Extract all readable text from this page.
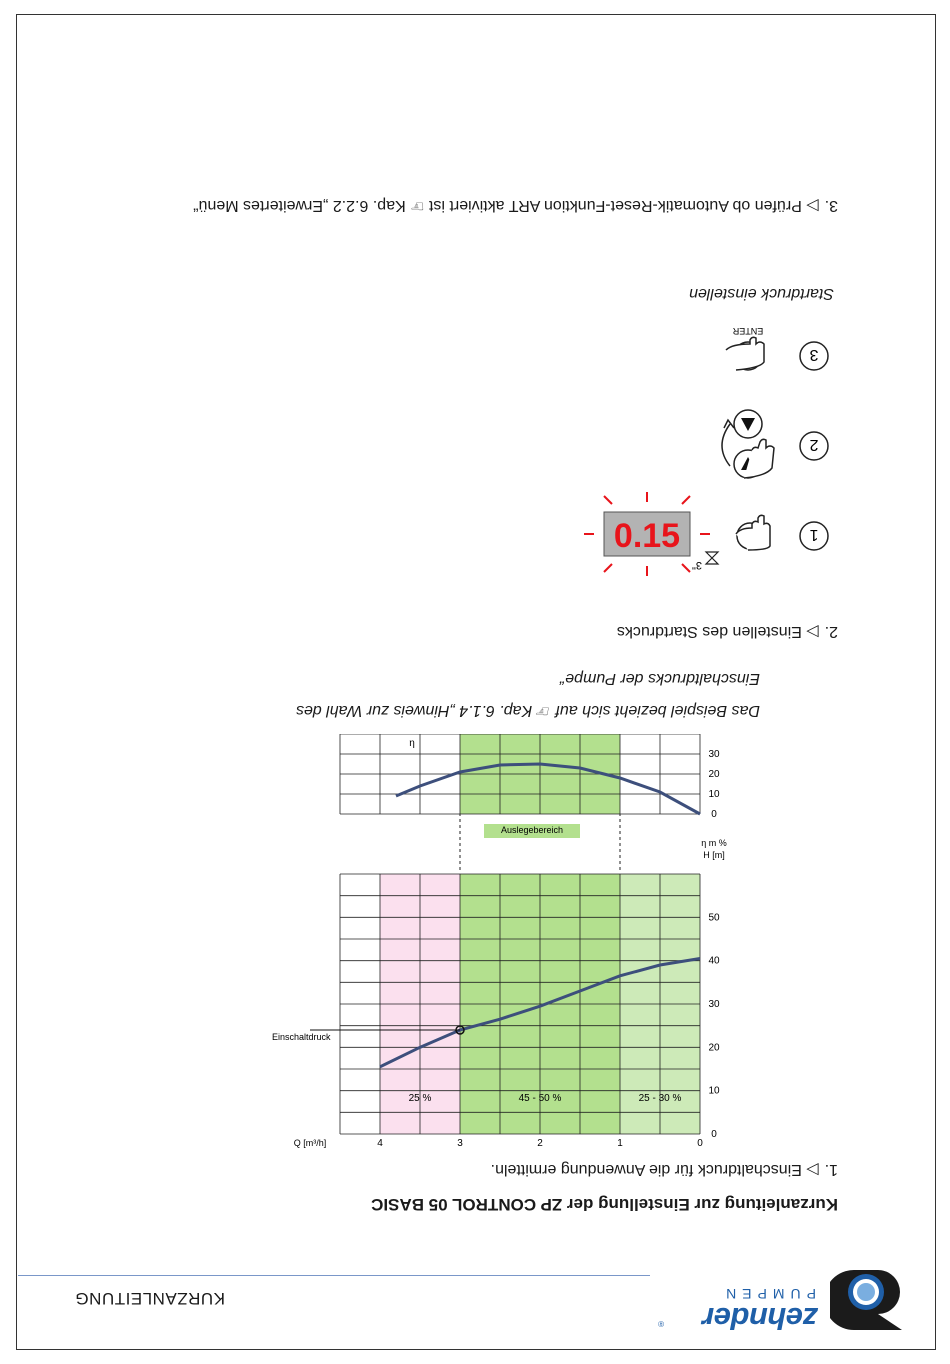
zehnder
PUMPEN
®
KURZANLEITUNG
Kurzanleitung zur Einstellung der ZP CONTROL 05 BASIC
1.▷ Einschaltdruck für die Anwendung ermitteln.
25 - 30 %
45 - 50 %
25 %
Einschaltdruck
0
10
20
30
40
50
H [m]
0
1
2
3
4
Q [m³/h]
0
10
20
30
η m %
η
Auslegebereich
Das Beispiel bezieht sich auf ☞ Kap. 6.1.4 „Hinweis zur Wahl des Einschaltdrucks der Pumpe“
2.▷ Einstellen des Startdrucks
1
3"
0.15
2
3
ENTER
Startdruck einstellen
3.▷ Prüfen ob Automatik-Reset-Funktion ART aktiviert ist ☞ Kap. 6.2.2 „Erweitertes Menü“
